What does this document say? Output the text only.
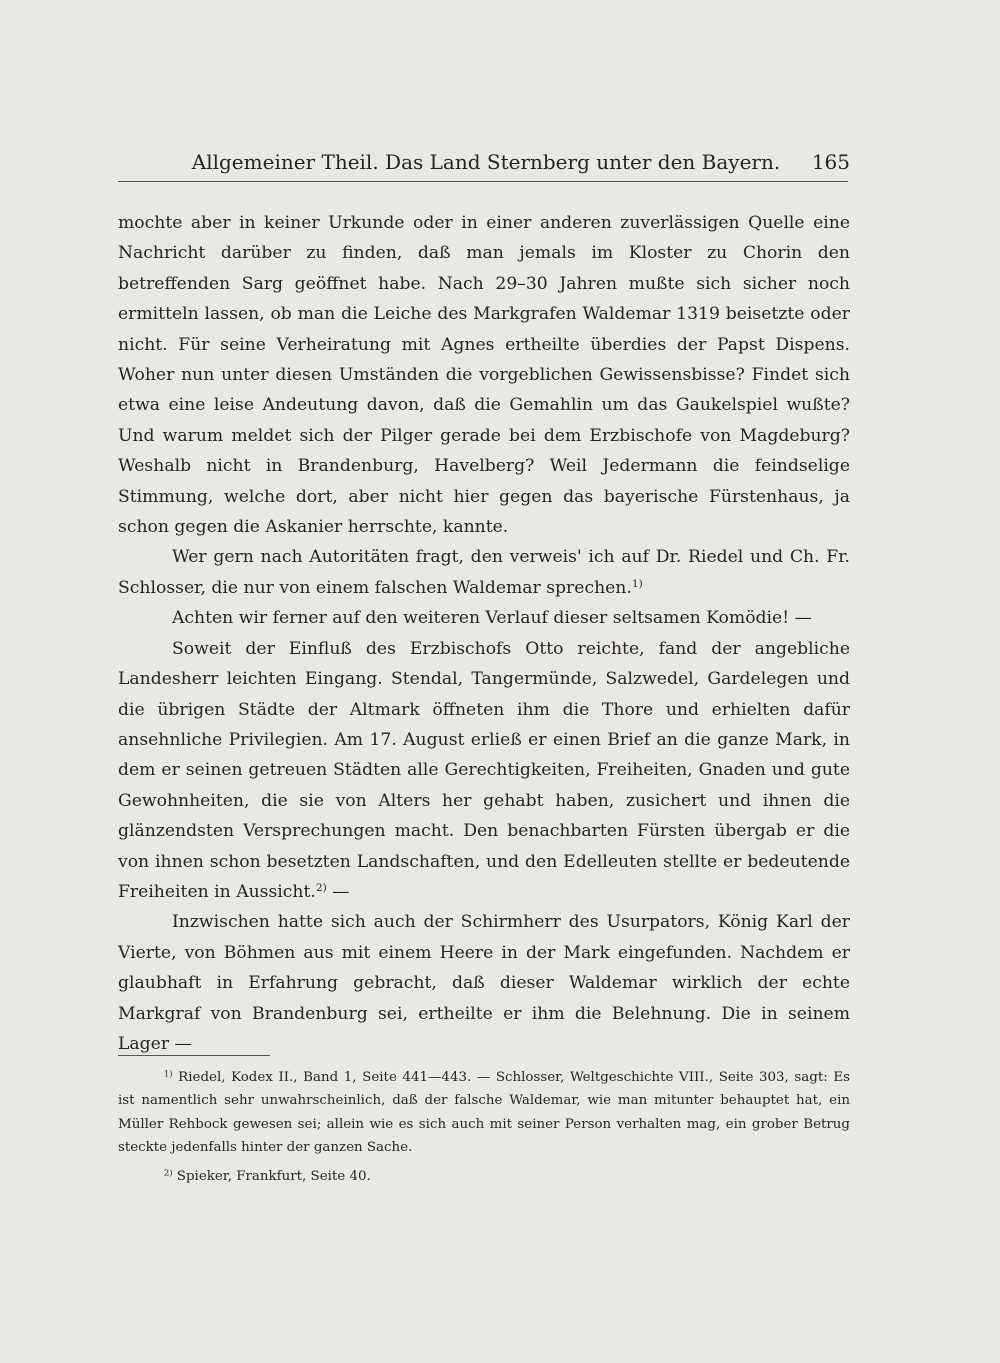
Allgemeiner Theil. Das Land Sternberg unter den Bayern.	165

mochte aber in keiner Urkunde oder in einer anderen zuverlässigen Quelle eine Nachricht darüber zu finden, daß man jemals im Kloster zu Chorin den betreffenden Sarg geöffnet habe. Nach 29–30 Jahren mußte sich sicher noch ermitteln lassen, ob man die Leiche des Markgrafen Waldemar 1319 beisetzte oder nicht. Für seine Verheiratung mit Agnes ertheilte überdies der Papst Dispens. Woher nun unter diesen Umständen die vorgeblichen Gewissensbisse? Findet sich etwa eine leise Andeutung davon, daß die Gemahlin um das Gaukelspiel wußte? Und warum meldet sich der Pilger gerade bei dem Erzbischofe von Magdeburg? Weshalb nicht in Brandenburg, Havelberg? Weil Jedermann die feindselige Stimmung, welche dort, aber nicht hier gegen das bayerische Fürstenhaus, ja schon gegen die Askanier herrschte, kannte.

Wer gern nach Autoritäten fragt, den verweis' ich auf Dr. Riedel und Ch. Fr. Schlosser, die nur von einem falschen Waldemar sprechen.$^{1)}$

Achten wir ferner auf den weiteren Verlauf dieser seltsamen Komödie! —

Soweit der Einfluß des Erzbischofs Otto reichte, fand der angebliche Landesherr leichten Eingang. Stendal, Tangermünde, Salzwedel, Gardelegen und die übrigen Städte der Altmark öffneten ihm die Thore und erhielten dafür ansehnliche Privilegien. Am 17. August erließ er einen Brief an die ganze Mark, in dem er seinen getreuen Städten alle Gerechtigkeiten, Freiheiten, Gnaden und gute Gewohnheiten, die sie von Alters her gehabt haben, zusichert und ihnen die glänzendsten Versprechungen macht. Den benachbarten Fürsten übergab er die von ihnen schon besetzten Landschaften, und den Edelleuten stellte er bedeutende Freiheiten in Aussicht.$^{2)}$ —

Inzwischen hatte sich auch der Schirmherr des Usurpators, König Karl der Vierte, von Böhmen aus mit einem Heere in der Mark eingefunden. Nachdem er glaubhaft in Erfahrung gebracht, daß dieser Waldemar wirklich der echte Markgraf von Brandenburg sei, ertheilte er ihm die Belehnung. Die in seinem Lager —

$^{1)}$ Riedel, Kodex II., Band 1, Seite 441—443. — Schlosser, Weltgeschichte VIII., Seite 303, sagt: Es ist namentlich sehr unwahrscheinlich, daß der falsche Waldemar, wie man mitunter behauptet hat, ein Müller Rehbock gewesen sei; allein wie es sich auch mit seiner Person verhalten mag, ein grober Betrug steckte jedenfalls hinter der ganzen Sache.

$^{2)}$ Spieker, Frankfurt, Seite 40.
